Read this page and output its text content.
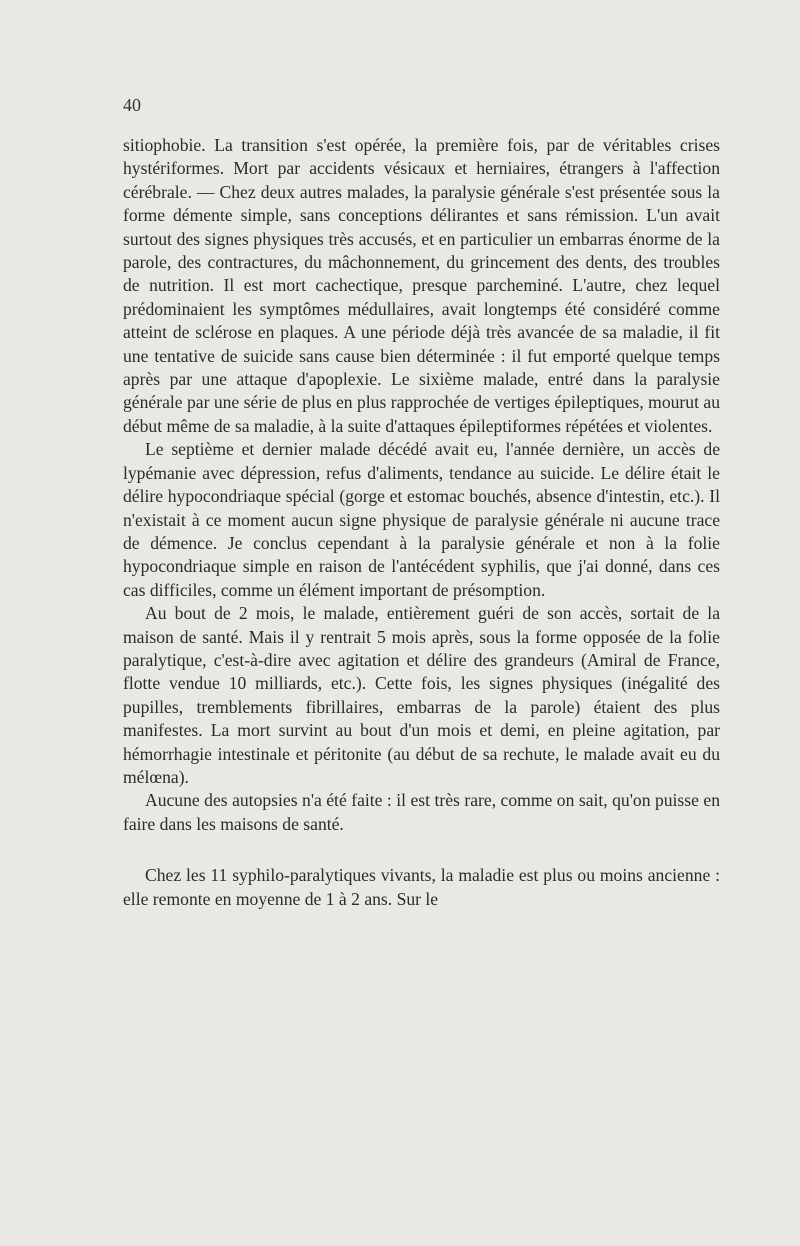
40

sitiophobie. La transition s'est opérée, la première fois, par de véritables crises hystériformes. Mort par accidents vésicaux et herniaires, étrangers à l'affection cérébrale. — Chez deux autres malades, la paralysie générale s'est présentée sous la forme démente simple, sans conceptions délirantes et sans rémission. L'un avait surtout des signes physiques très accusés, et en particulier un embarras énorme de la parole, des contractures, du mâchonnement, du grincement des dents, des troubles de nutrition. Il est mort cachectique, presque parcheminé. L'autre, chez lequel prédominaient les symptômes médullaires, avait longtemps été considéré comme atteint de sclérose en plaques. A une période déjà très avancée de sa maladie, il fit une tentative de suicide sans cause bien déterminée : il fut emporté quelque temps après par une attaque d'apoplexie. Le sixième malade, entré dans la paralysie générale par une série de plus en plus rapprochée de vertiges épileptiques, mourut au début même de sa maladie, à la suite d'attaques épileptiformes répétées et violentes.

Le septième et dernier malade décédé avait eu, l'année dernière, un accès de lypémanie avec dépression, refus d'aliments, tendance au suicide. Le délire était le délire hypocondriaque spécial (gorge et estomac bouchés, absence d'intestin, etc.). Il n'existait à ce moment aucun signe physique de paralysie générale ni aucune trace de démence. Je conclus cependant à la paralysie générale et non à la folie hypocondriaque simple en raison de l'antécédent syphilis, que j'ai donné, dans ces cas difficiles, comme un élément important de présomption.

Au bout de 2 mois, le malade, entièrement guéri de son accès, sortait de la maison de santé. Mais il y rentrait 5 mois après, sous la forme opposée de la folie paralytique, c'est-à-dire avec agitation et délire des grandeurs (Amiral de France, flotte vendue 10 milliards, etc.). Cette fois, les signes physiques (inégalité des pupilles, tremblements fibrillaires, embarras de la parole) étaient des plus manifestes. La mort survint au bout d'un mois et demi, en pleine agitation, par hémorrhagie intestinale et péritonite (au début de sa rechute, le malade avait eu du mélœna).

Aucune des autopsies n'a été faite : il est très rare, comme on sait, qu'on puisse en faire dans les maisons de santé.

Chez les 11 syphilo-paralytiques vivants, la maladie est plus ou moins ancienne : elle remonte en moyenne de 1 à 2 ans. Sur le
